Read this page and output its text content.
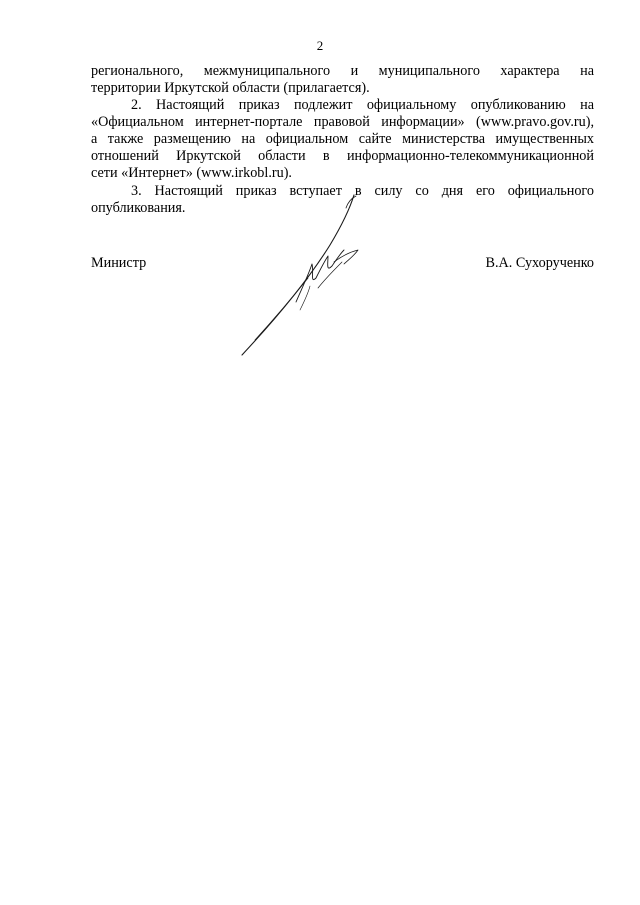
2
регионального, межмуниципального и муниципального характера на
территории Иркутской области (прилагается).
2. Настоящий приказ подлежит официальному опубликованию на
«Официальном интернет-портале правовой информации» (www.pravo.gov.ru),
а также размещению на официальном сайте министерства имущественных
отношений Иркутской области в информационно-телекоммуникационной
сети «Интернет» (www.irkobl.ru).
3. Настоящий приказ вступает в силу со дня его официального
опубликования.
Министр	В.А. Сухорученко
